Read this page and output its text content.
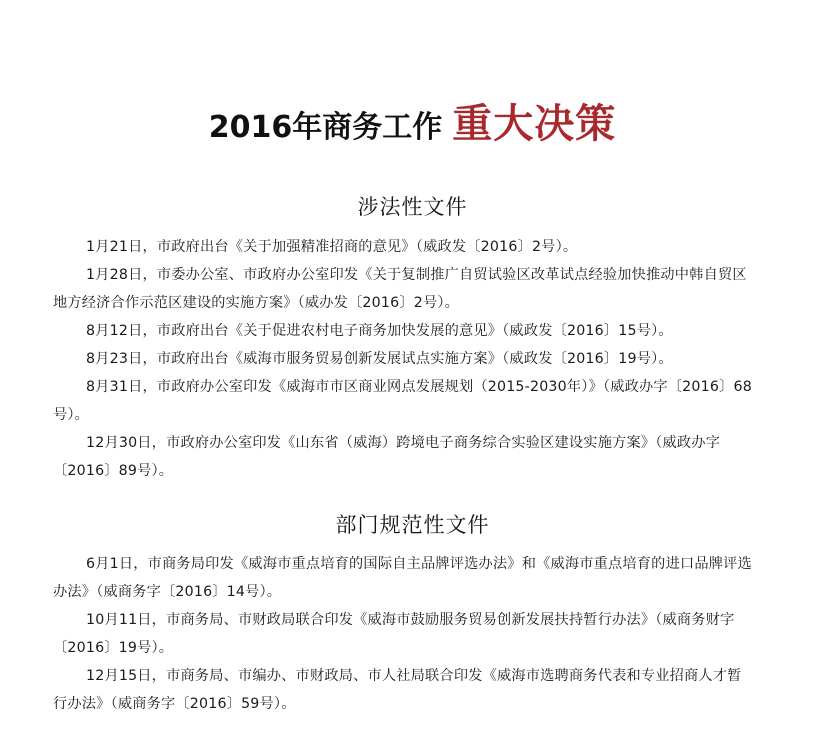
2016年商务工作 重大决策
涉法性文件

1月21日，市政府出台《关于加强精准招商的意见》（威政发〔2016〕2号）。

1月28日，市委办公室、市政府办公室印发《关于复制推广自贸试验区改革试点经验加快推动中韩自贸区地方经济合作示范区建设的实施方案》（威办发〔2016〕2号）。

8月12日，市政府出台《关于促进农村电子商务加快发展的意见》（威政发〔2016〕15号）。

8月23日，市政府出台《威海市服务贸易创新发展试点实施方案》（威政发〔2016〕19号）。

8月31日，市政府办公室印发《威海市市区商业网点发展规划（2015-2030年）》（威政办字〔2016〕68号）。

12月30日，市政府办公室印发《山东省（威海）跨境电子商务综合实验区建设实施方案》（威政办字〔2016〕89号）。

部门规范性文件

6月1日，市商务局印发《威海市重点培育的国际自主品牌评选办法》和《威海市重点培育的进口品牌评选办法》（威商务字〔2016〕14号）。

10月11日，市商务局、市财政局联合印发《威海市鼓励服务贸易创新发展扶持暂行办法》（威商务财字〔2016〕19号）。

12月15日，市商务局、市编办、市财政局、市人社局联合印发《威海市选聘商务代表和专业招商人才暂行办法》（威商务字〔2016〕59号）。
